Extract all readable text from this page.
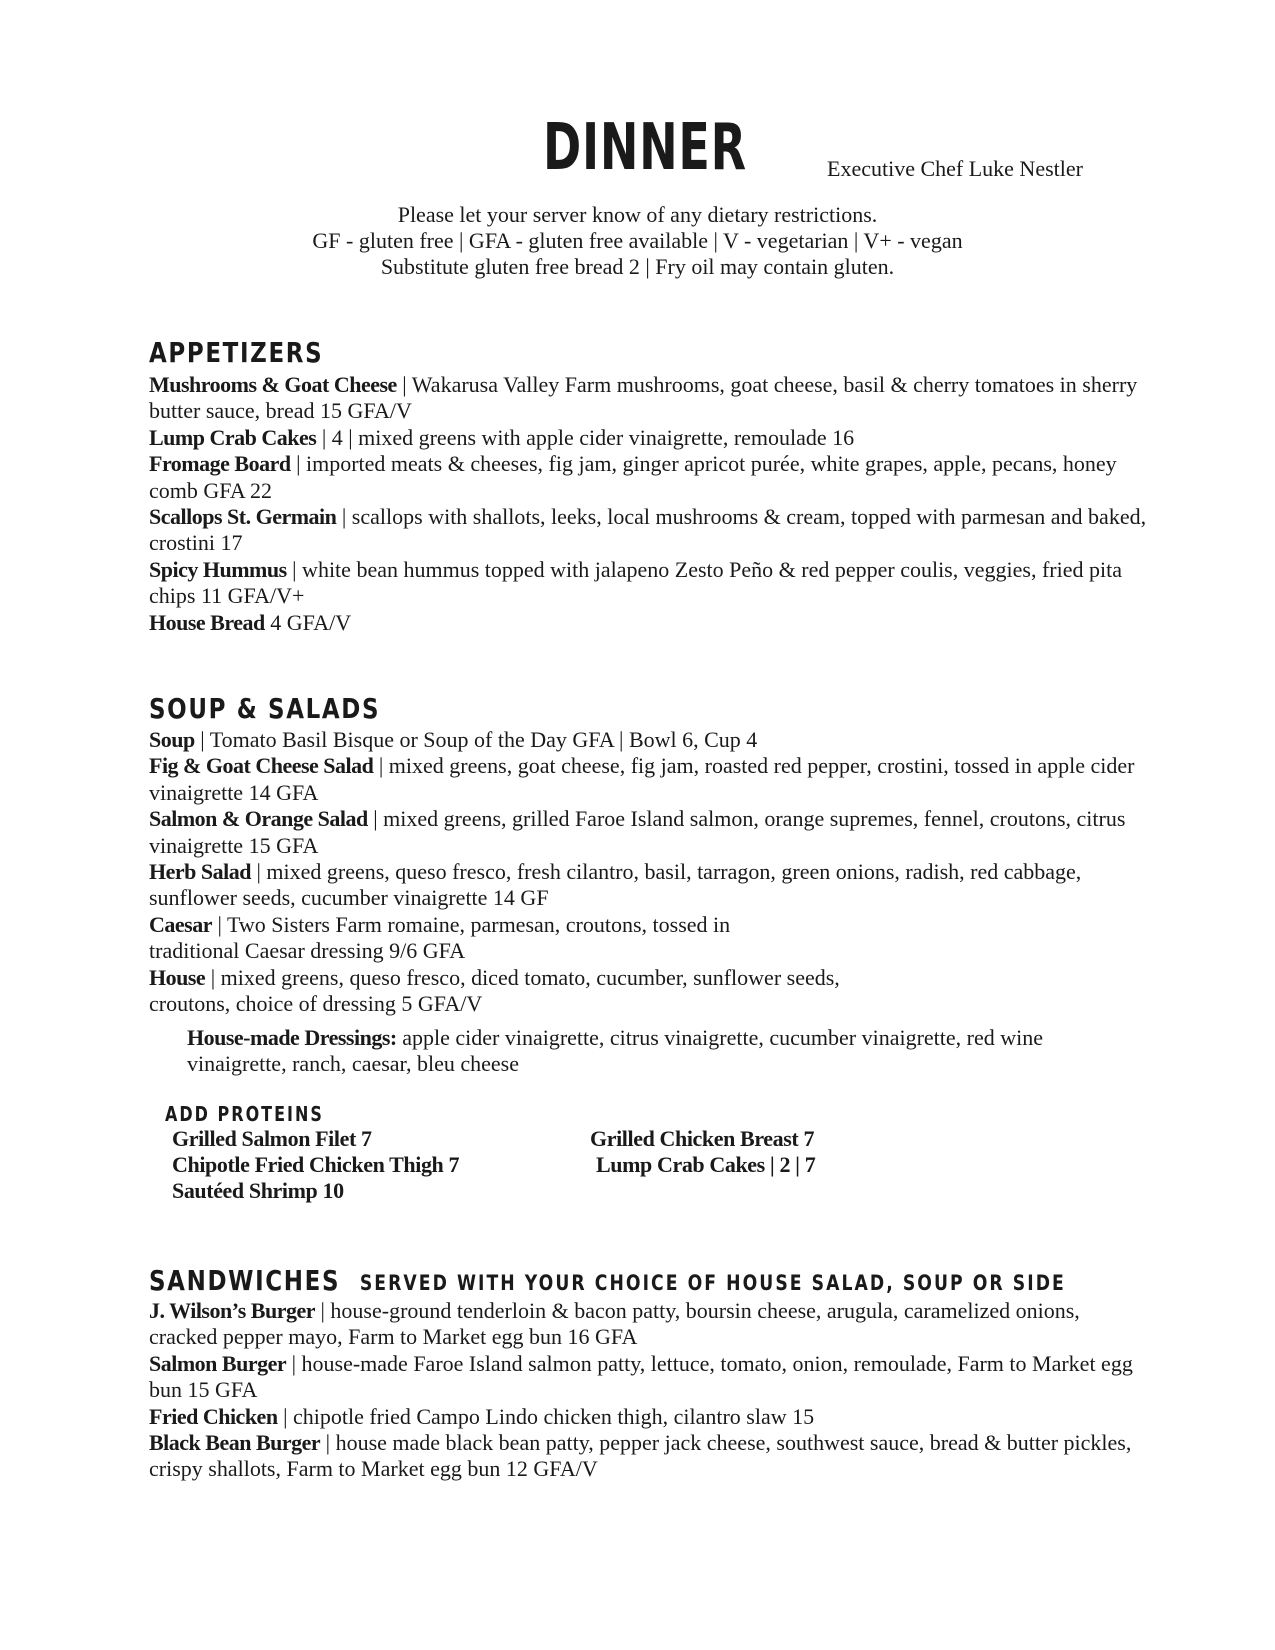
DINNER	Executive Chef Luke Nestler
Please let your server know of any dietary restrictions.
GF - gluten free | GFA - gluten free available | V - vegetarian | V+ - vegan
Substitute gluten free bread 2 | Fry oil may contain gluten.
APPETIZERS

Mushrooms & Goat Cheese | Wakarusa Valley Farm mushrooms, goat cheese, basil & cherry tomatoes in sherry butter sauce, bread 15 GFA/V

Lump Crab Cakes | 4 | mixed greens with apple cider vinaigrette, remoulade 16

Fromage Board | imported meats & cheeses, fig jam, ginger apricot purée, white grapes, apple, pecans, honey comb GFA 22

Scallops St. Germain | scallops with shallots, leeks, local mushrooms & cream, topped with parmesan and baked, crostini 17

Spicy Hummus | white bean hummus topped with jalapeno Zesto Peño & red pepper coulis, veggies, fried pita chips 11 GFA/V+

House Bread 4 GFA/V

SOUP & SALADS

Soup | Tomato Basil Bisque or Soup of the Day GFA | Bowl 6, Cup 4

Fig & Goat Cheese Salad | mixed greens, goat cheese, fig jam, roasted red pepper, crostini, tossed in apple cider vinaigrette 14 GFA

Salmon & Orange Salad | mixed greens, grilled Faroe Island salmon, orange supremes, fennel, croutons, citrus vinaigrette 15 GFA

Herb Salad | mixed greens, queso fresco, fresh cilantro, basil, tarragon, green onions, radish, red cabbage, sunflower seeds, cucumber vinaigrette 14 GF

Caesar | Two Sisters Farm romaine, parmesan, croutons, tossed in
traditional Caesar dressing 9/6 GFA

House | mixed greens, queso fresco, diced tomato, cucumber, sunflower seeds,
croutons, choice of dressing 5 GFA/V

House-made Dressings: apple cider vinaigrette, citrus vinaigrette, cucumber vinaigrette, red wine vinaigrette, ranch, caesar, bleu cheese
ADD PROTEINS
Grilled Salmon Filet 7
Chipotle Fried Chicken Thigh 7
Sautéed Shrimp 10
Grilled Chicken Breast 7
Lump Crab Cakes | 2 | 7
SANDWICHES SERVED WITH YOUR CHOICE OF HOUSE SALAD, SOUP OR SIDE

J. Wilson’s Burger | house-ground tenderloin & bacon patty, boursin cheese, arugula, caramelized onions, cracked pepper mayo, Farm to Market egg bun 16 GFA

Salmon Burger | house-made Faroe Island salmon patty, lettuce, tomato, onion, remoulade, Farm to Market egg bun 15 GFA

Fried Chicken | chipotle fried Campo Lindo chicken thigh, cilantro slaw 15

Black Bean Burger | house made black bean patty, pepper jack cheese, southwest sauce, bread & butter pickles, crispy shallots, Farm to Market egg bun 12 GFA/V
